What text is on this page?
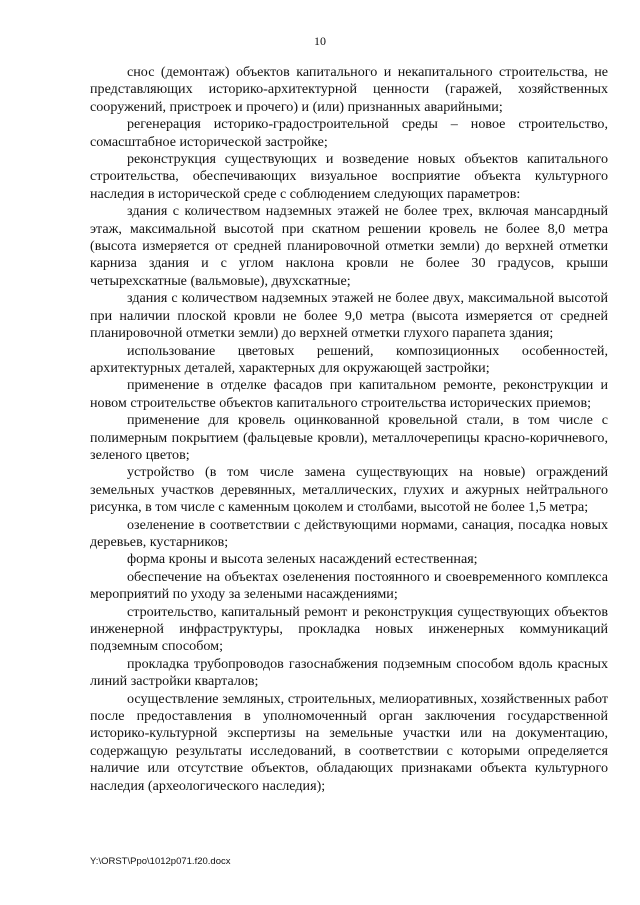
10

снос (демонтаж) объектов капитального и некапитального строительства, не представляющих историко-архитектурной ценности (гаражей, хозяйственных сооружений, пристроек и прочего) и (или) признанных аварийными;

регенерация историко-градостроительной среды – новое строительство, сомасштабное исторической застройке;

реконструкция существующих и возведение новых объектов капитального строительства, обеспечивающих визуальное восприятие объекта культурного наследия в исторической среде с соблюдением следующих параметров:

здания с количеством надземных этажей не более трех, включая мансардный этаж, максимальной высотой при скатном решении кровель не более 8,0 метра (высота измеряется от средней планировочной отметки земли) до верхней отметки карниза здания и с углом наклона кровли не более 30 градусов, крыши четырехскатные (вальмовые), двухскатные;

здания с количеством надземных этажей не более двух, максимальной высотой при наличии плоской кровли не более 9,0 метра (высота измеряется от средней планировочной отметки земли) до верхней отметки глухого парапета здания;

использование цветовых решений, композиционных особенностей, архитектурных деталей, характерных для окружающей застройки;

применение в отделке фасадов при капитальном ремонте, реконструкции и новом строительстве объектов капитального строительства исторических приемов;

применение для кровель оцинкованной кровельной стали, в том числе с полимерным покрытием (фальцевые кровли), металлочерепицы красно-коричневого, зеленого цветов;

устройство (в том числе замена существующих на новые) ограждений земельных участков деревянных, металлических, глухих и ажурных нейтрального рисунка, в том числе с каменным цоколем и столбами, высотой не более 1,5 метра;

озеленение в соответствии с действующими нормами, санация, посадка новых деревьев, кустарников;

форма кроны и высота зеленых насаждений естественная;

обеспечение на объектах озеленения постоянного и своевременного комплекса мероприятий по уходу за зелеными насаждениями;

строительство, капитальный ремонт и реконструкция существующих объектов инженерной инфраструктуры, прокладка новых инженерных коммуникаций подземным способом;

прокладка трубопроводов газоснабжения подземным способом вдоль красных линий застройки кварталов;

осуществление земляных, строительных, мелиоративных, хозяйственных работ после предоставления в уполномоченный орган заключения государственной историко-культурной экспертизы на земельные участки или на документацию, содержащую результаты исследований, в соответствии с которыми определяется наличие или отсутствие объектов, обладающих признаками объекта культурного наследия (археологического наследия);

Y:\ORST\Ppo\1012p071.f20.docx
